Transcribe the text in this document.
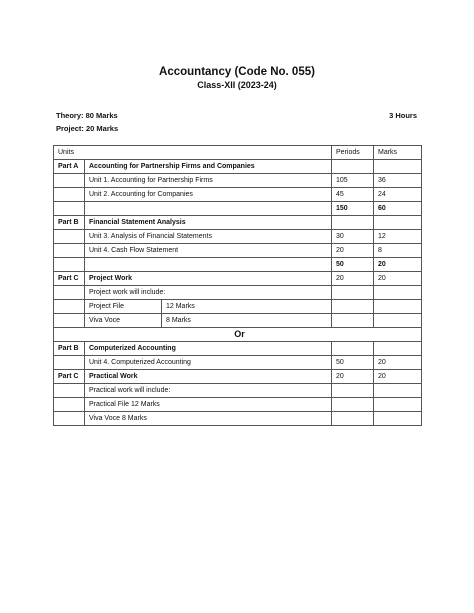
Accountancy (Code No. 055)
Class-XII (2023-24)
Theory: 80 Marks	3 Hours
Project: 20 Marks
Units			Periods	Marks
Part A	Accounting for Partnership Firms and Companies			
	Unit 1. Accounting for Partnership Firms		105	36
	Unit 2. Accounting for Companies		45	24
			150	60
Part B	Financial Statement Analysis			
	Unit 3. Analysis of Financial Statements		30	12
	Unit 4. Cash Flow Statement		20	8
			50	20
Part C	Project Work		20	20
	Project work will include:			
	Project File	12 Marks		
	Viva Voce	8 Marks		
Or				
Part B	Computerized Accounting			
	Unit 4. Computerized Accounting		50	20
Part C	Practical Work		20	20
	Practical work will include:			
	Practical File 12 Marks			
	Viva Voce 8 Marks			
